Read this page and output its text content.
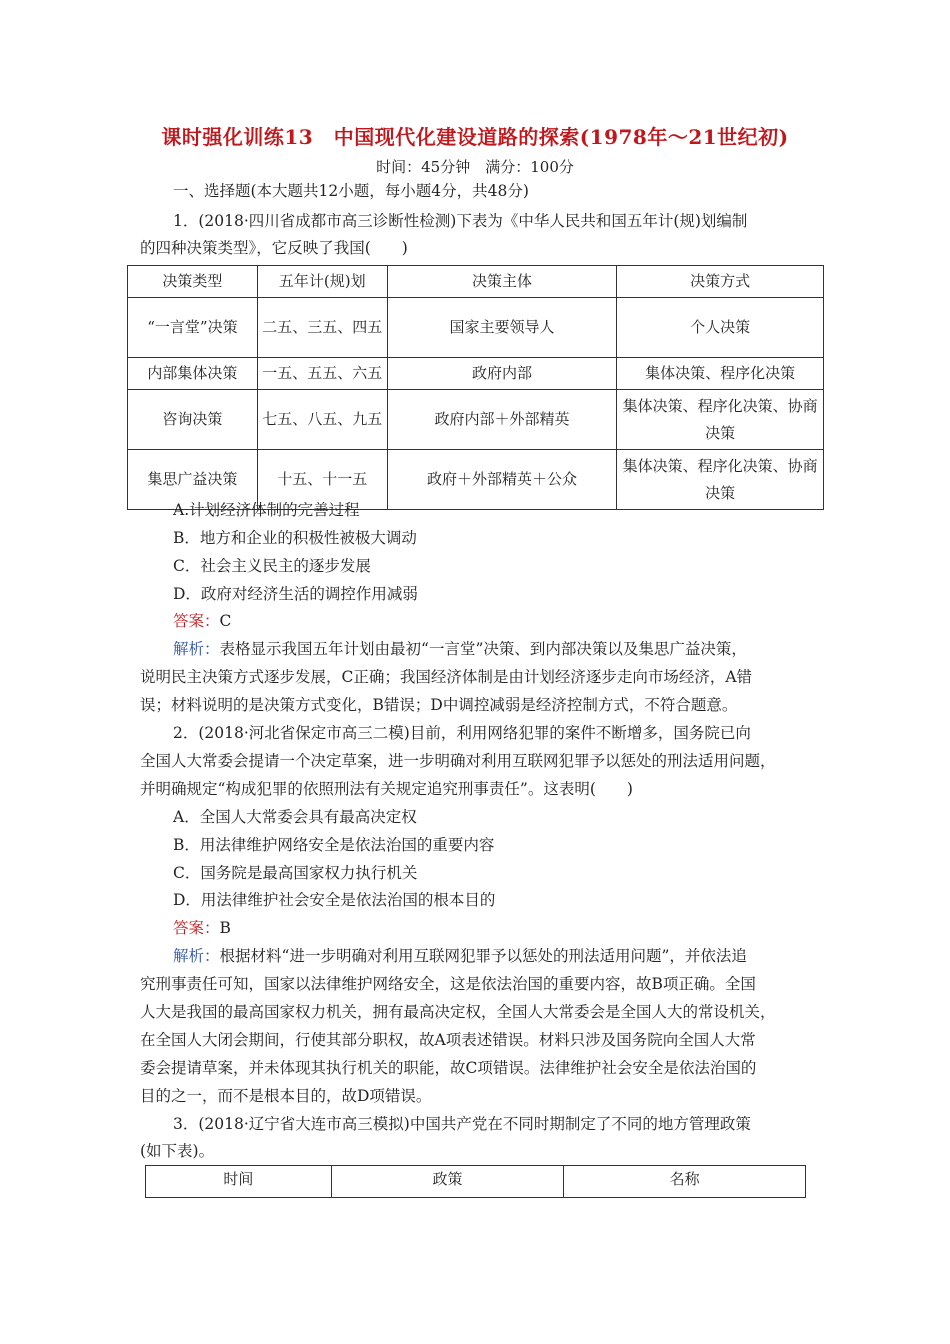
课时强化训练13　中国现代化建设道路的探索(1978年～21世纪初)
时间：45分钟　满分：100分
一、选择题(本大题共12小题，每小题4分，共48分)
1．(2018·四川省成都市高三诊断性检测)下表为《中华人民共和国五年计(规)划编制
的四种决策类型》，它反映了我国(　　)
决策类型	五年计(规)划	决策主体	决策方式
“一言堂”决策	二五、三五、四五	国家主要领导人	个人决策
内部集体决策	一五、五五、六五	政府内部	集体决策、程序化决策
咨询决策	七五、八五、九五	政府内部＋外部精英	集体决策、程序化决策、协商决策
集思广益决策	十五、十一五	政府＋外部精英＋公众	集体决策、程序化决策、协商决策
A.计划经济体制的完善过程
B．地方和企业的积极性被极大调动
C．社会主义民主的逐步发展
D．政府对经济生活的调控作用减弱
答案：C
解析：表格显示我国五年计划由最初“一言堂”决策、到内部决策以及集思广益决策，
说明民主决策方式逐步发展，C正确；我国经济体制是由计划经济逐步走向市场经济，A错
误；材料说明的是决策方式变化，B错误；D中调控减弱是经济控制方式，不符合题意。
2．(2018·河北省保定市高三二模)目前，利用网络犯罪的案件不断增多，国务院已向
全国人大常委会提请一个决定草案，进一步明确对利用互联网犯罪予以惩处的刑法适用问题，
并明确规定“构成犯罪的依照刑法有关规定追究刑事责任”。这表明(　　)
A．全国人大常委会具有最高决定权
B．用法律维护网络安全是依法治国的重要内容
C．国务院是最高国家权力执行机关
D．用法律维护社会安全是依法治国的根本目的
答案：B
解析：根据材料“进一步明确对利用互联网犯罪予以惩处的刑法适用问题”，并依法追
究刑事责任可知，国家以法律维护网络安全，这是依法治国的重要内容，故B项正确。全国
人大是我国的最高国家权力机关，拥有最高决定权，全国人大常委会是全国人大的常设机关，
在全国人大闭会期间，行使其部分职权，故A项表述错误。材料只涉及国务院向全国人大常
委会提请草案，并未体现其执行机关的职能，故C项错误。法律维护社会安全是依法治国的
目的之一，而不是根本目的，故D项错误。
3．(2018·辽宁省大连市高三模拟)中国共产党在不同时期制定了不同的地方管理政策
(如下表)。
时间	政策	名称
